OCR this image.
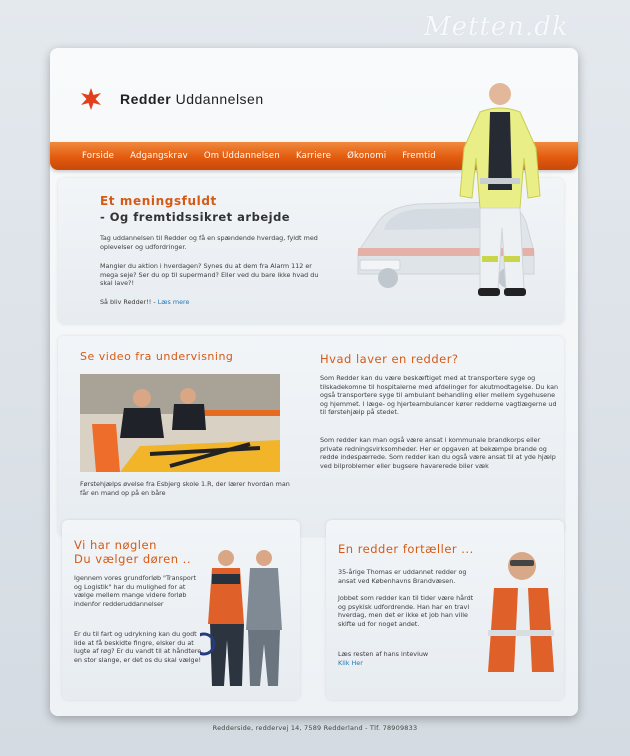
Metten.dk
Redder Uddannelsen
Forside Adgangskrav Om Uddannelsen Karriere Økonomi Fremtid
Et meningsfuldt
- Og fremtidssikret arbejde

Tag uddannelsen til Redder og få en spændende hverdag, fyldt med oplevelser og udfordringer.

Mangler du aktion i hverdagen? Synes du at dem fra Alarm 112 er mega seje? Ser du op til supermand? Eller ved du bare ikke hvad du skal lave?!

Så bliv Redder!! - Læs mere

Se video fra undervisning

Førstehjælps øvelse fra Esbjerg skole 1.R, der lærer hvordan man får en mand op på en båre

Hvad laver en redder?

Som Redder kan du være beskæftiget med at transportere syge og tilskadekomne til hospitalerne med afdelinger for akutmodtagelse. Du kan også transportere syge til ambulant behandling eller mellem sygehusene og hjemmet. I læge- og hjerteambulancer kører redderne vagtlægerne ud til førstehjælp på stedet.

Som redder kan man også være ansat i kommunale brandkorps eller private redningsvirksomheder. Her er opgaven at bekæmpe brande og redde indespærrede. Som redder kan du også være ansat til at yde hjælp ved bilproblemer eller bugsere havarerede biler væk

Vi har nøglen
Du vælger døren ..

Igennem vores grundforløb "Transport og Logistik" har du mulighed for at vælge mellem mange videre forløb indenfor redderuddannelser

Er du til fart og udrykning kan du godt lide at få beskidte fingre, elsker du at lugte af røg? Er du vandt til at håndtere en stor slange, er det os du skal vælge!

En redder fortæller ...

35-årige Thomas er uddannet redder og ansat ved Københavns Brandvæsen.

Jobbet som redder kan til tider være hårdt og psykisk udfordrende. Han har en travl hverdag, men det er ikke et job han ville skifte ud for noget andet.

Læs resten af hans inteviuw
Klik Her

Redderside, reddervej 14, 7589 Redderland - Tlf. 78909833
